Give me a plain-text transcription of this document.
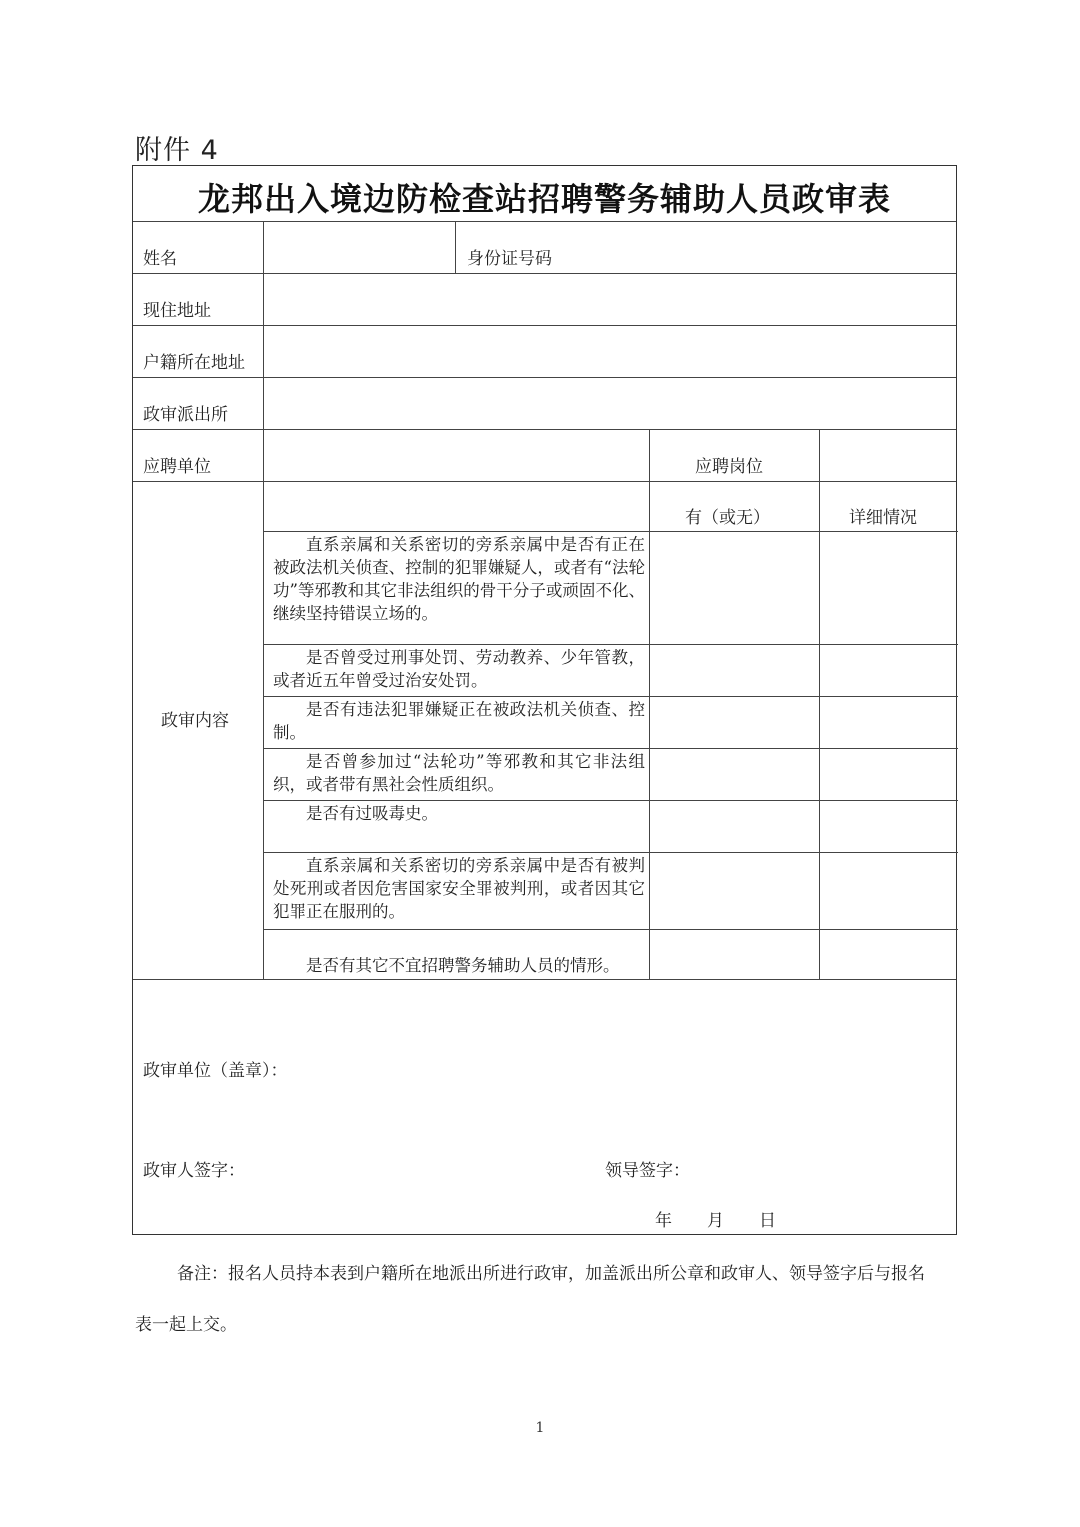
附件 4
龙邦出入境边防检查站招聘警务辅助人员政审表
姓名	身份证号码
现住地址
户籍所在地址
政审派出所
应聘单位	应聘岗位
有（或无）	详细情况
政审内容
直系亲属和关系密切的旁系亲属中是否有正在被政法机关侦查、控制的犯罪嫌疑人，或者有“法轮功”等邪教和其它非法组织的骨干分子或顽固不化、继续坚持错误立场的。
是否曾受过刑事处罚、劳动教养、少年管教，或者近五年曾受过治安处罚。
是否有违法犯罪嫌疑正在被政法机关侦查、控制。
是否曾参加过“法轮功”等邪教和其它非法组织，或者带有黑社会性质组织。
是否有过吸毒史。
直系亲属和关系密切的旁系亲属中是否有被判处死刑或者因危害国家安全罪被判刑，或者因其它犯罪正在服刑的。
是否有其它不宜招聘警务辅助人员的情形。
政审单位（盖章）：
政审人签字：	领导签字：
年 月 日
备注：报名人员持本表到户籍所在地派出所进行政审，加盖派出所公章和政审人、领导签字后与报名
表一起上交。
1
